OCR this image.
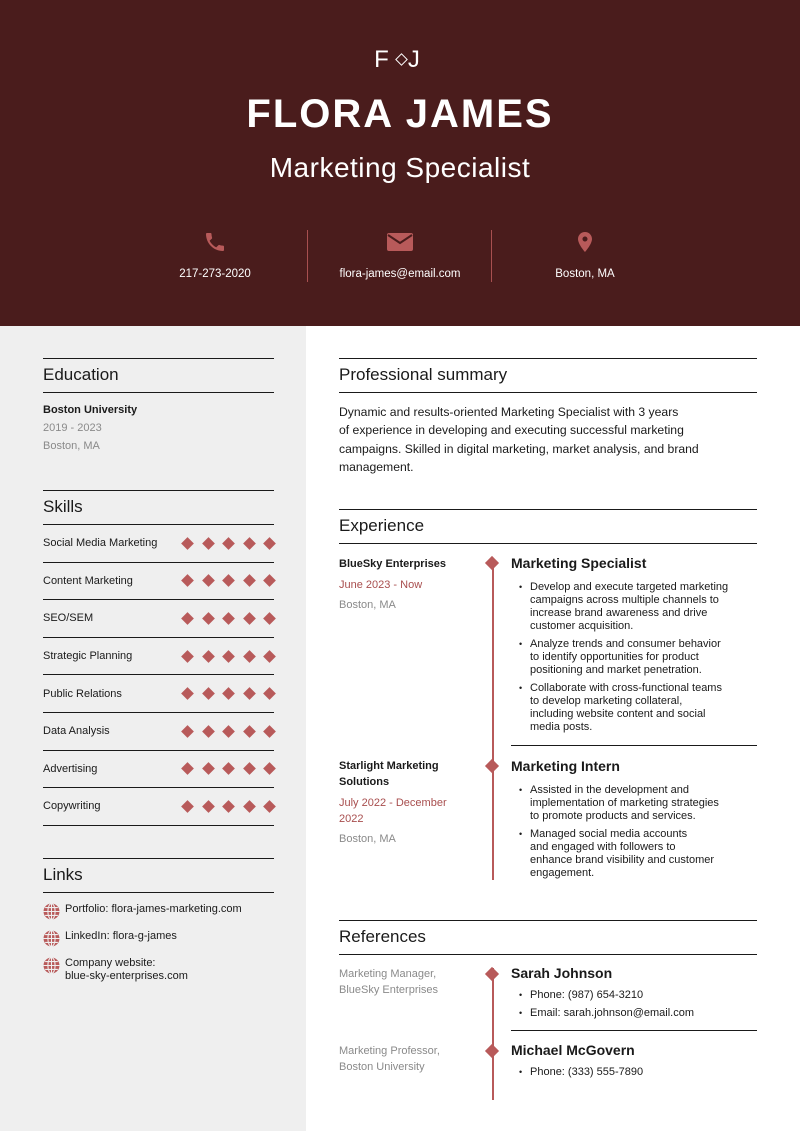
F J
FLORA JAMES
Marketing Specialist
217-273-2020	flora-james@email.com	Boston, MA
Education
Boston University
2019 - 2023
Boston, MA
Skills
Social Media Marketing
Content Marketing
SEO/SEM
Strategic Planning
Public Relations
Data Analysis
Advertising
Copywriting
Links
Portfolio: flora-james-marketing.com
LinkedIn: flora-g-james
Company website:
blue-sky-enterprises.com
Professional summary
Dynamic and results-oriented Marketing Specialist with 3 years
of experience in developing and executing successful marketing
campaigns. Skilled in digital marketing, market analysis, and brand
management.
Experience
BlueSky Enterprises
June 2023 - Now
Boston, MA
Marketing Specialist
• Develop and execute targeted marketing
campaigns across multiple channels to
increase brand awareness and drive
customer acquisition.
• Analyze trends and consumer behavior
to identify opportunities for product
positioning and market penetration.
• Collaborate with cross-functional teams
to develop marketing collateral,
including website content and social
media posts.
Starlight Marketing
Solutions
July 2022 - December
2022
Boston, MA
Marketing Intern
• Assisted in the development and
implementation of marketing strategies
to promote products and services.
• Managed social media accounts
and engaged with followers to
enhance brand visibility and customer
engagement.
References
Marketing Manager,
BlueSky Enterprises
Sarah Johnson
• Phone: (987) 654-3210
• Email: sarah.johnson@email.com
Marketing Professor,
Boston University
Michael McGovern
• Phone: (333) 555-7890
